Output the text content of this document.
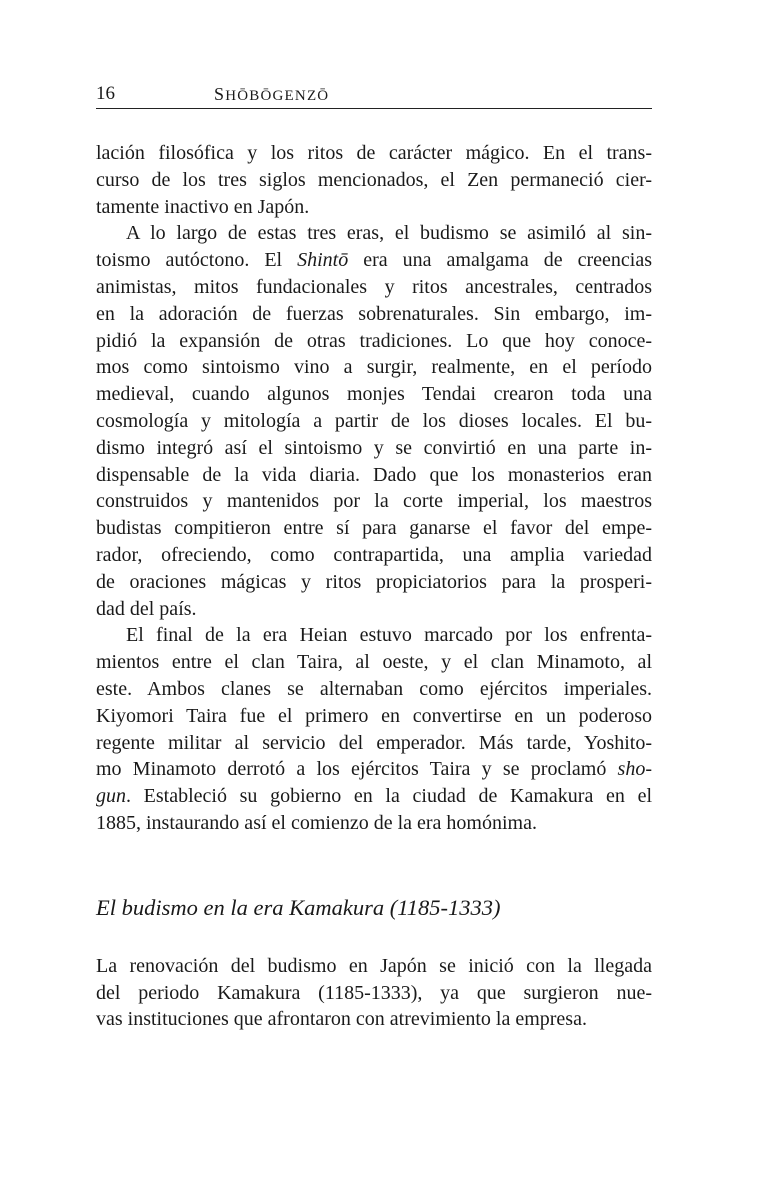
16	SHŌBŌGENZŌ
lación filosófica y los ritos de carácter mágico. En el trans-
curso de los tres siglos mencionados, el Zen permaneció cier-
tamente inactivo en Japón.
A lo largo de estas tres eras, el budismo se asimiló al sin-
toismo autóctono. El Shintō era una amalgama de creencias
animistas, mitos fundacionales y ritos ancestrales, centrados
en la adoración de fuerzas sobrenaturales. Sin embargo, im-
pidió la expansión de otras tradiciones. Lo que hoy conoce-
mos como sintoismo vino a surgir, realmente, en el período
medieval, cuando algunos monjes Tendai crearon toda una
cosmología y mitología a partir de los dioses locales. El bu-
dismo integró así el sintoismo y se convirtió en una parte in-
dispensable de la vida diaria. Dado que los monasterios eran
construidos y mantenidos por la corte imperial, los maestros
budistas compitieron entre sí para ganarse el favor del empe-
rador, ofreciendo, como contrapartida, una amplia variedad
de oraciones mágicas y ritos propiciatorios para la prosperi-
dad del país.
El final de la era Heian estuvo marcado por los enfrenta-
mientos entre el clan Taira, al oeste, y el clan Minamoto, al
este. Ambos clanes se alternaban como ejércitos imperiales.
Kiyomori Taira fue el primero en convertirse en un poderoso
regente militar al servicio del emperador. Más tarde, Yoshito-
mo Minamoto derrotó a los ejércitos Taira y se proclamó sho-
gun. Estableció su gobierno en la ciudad de Kamakura en el
1885, instaurando así el comienzo de la era homónima.
El budismo en la era Kamakura (1185-1333)
La renovación del budismo en Japón se inició con la llegada
del periodo Kamakura (1185-1333), ya que surgieron nue-
vas instituciones que afrontaron con atrevimiento la empresa.
